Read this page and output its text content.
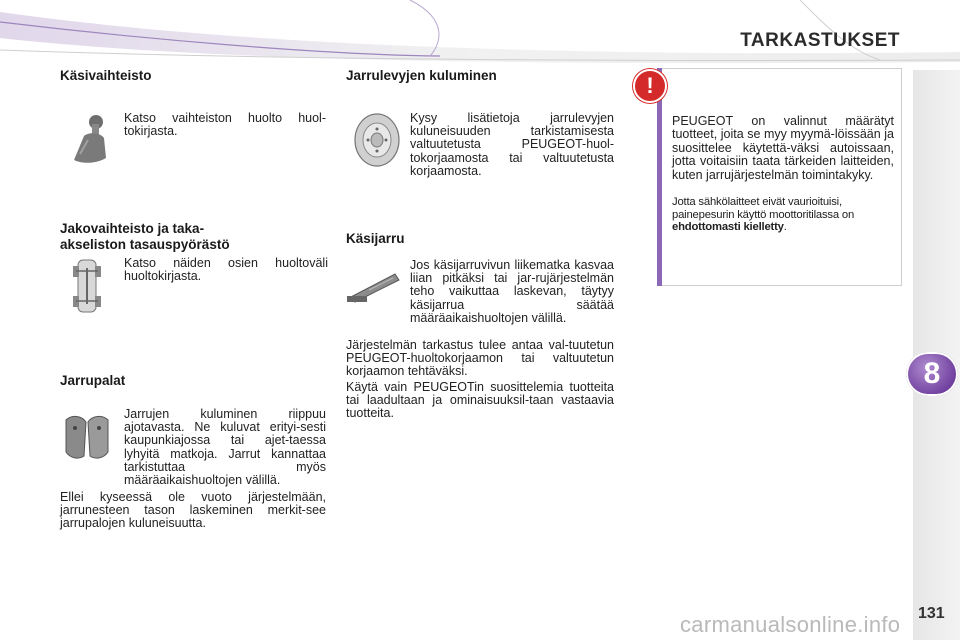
TARKASTUKSET
8
131
Käsivaihteisto

Katso vaihteiston huolto huol-tokirjasta.

Jakovaihteisto ja taka-
akseliston tasauspyörästö

Katso näiden osien huoltoväli huoltokirjasta.

Jarrupalat

Jarrujen kuluminen riippuu ajotavasta. Ne kuluvat erityi-sesti kaupunkiajossa tai ajet-taessa lyhyitä matkoja. Jarrut kannattaa tarkistuttaa myös määräaikaishuoltojen välillä.

Ellei kyseessä ole vuoto järjestelmään, jarrunesteen tason laskeminen merkit-see jarrupalojen kuluneisuutta.

Jarrulevyjen kuluminen

Kysy lisätietoja jarrulevyjen kuluneisuuden tarkistamisesta valtuutetusta PEUGEOT-huol-tokorjaamosta tai valtuutetusta korjaamosta.

Käsijarru

Jos käsijarruvivun liikematka kasvaa liian pitkäksi tai jar-rujärjestelmän teho vaikuttaa laskevan, täytyy käsijarrua säätää määräaikaishuoltojen välillä.

Järjestelmän tarkastus tulee antaa val-tuutetun PEUGEOT-huoltokorjaamon tai valtuutetun korjaamon tehtäväksi.

Käytä vain PEUGEOTin suosittelemia tuotteita tai laadultaan ja ominaisuuksil-taan vastaavia tuotteita.

!

PEUGEOT on valinnut määrätyt tuotteet, joita se myy myymä-löissään ja suosittelee käytettä-väksi autoissaan, jotta voitaisiin taata tärkeiden laitteiden, kuten jarrujärjestelmän toimintakyky.

Jotta sähkölaitteet eivät vaurioituisi, painepesurin käyttö moottoritilassa on ehdottomasti kielletty.

carmanualsonline.info
